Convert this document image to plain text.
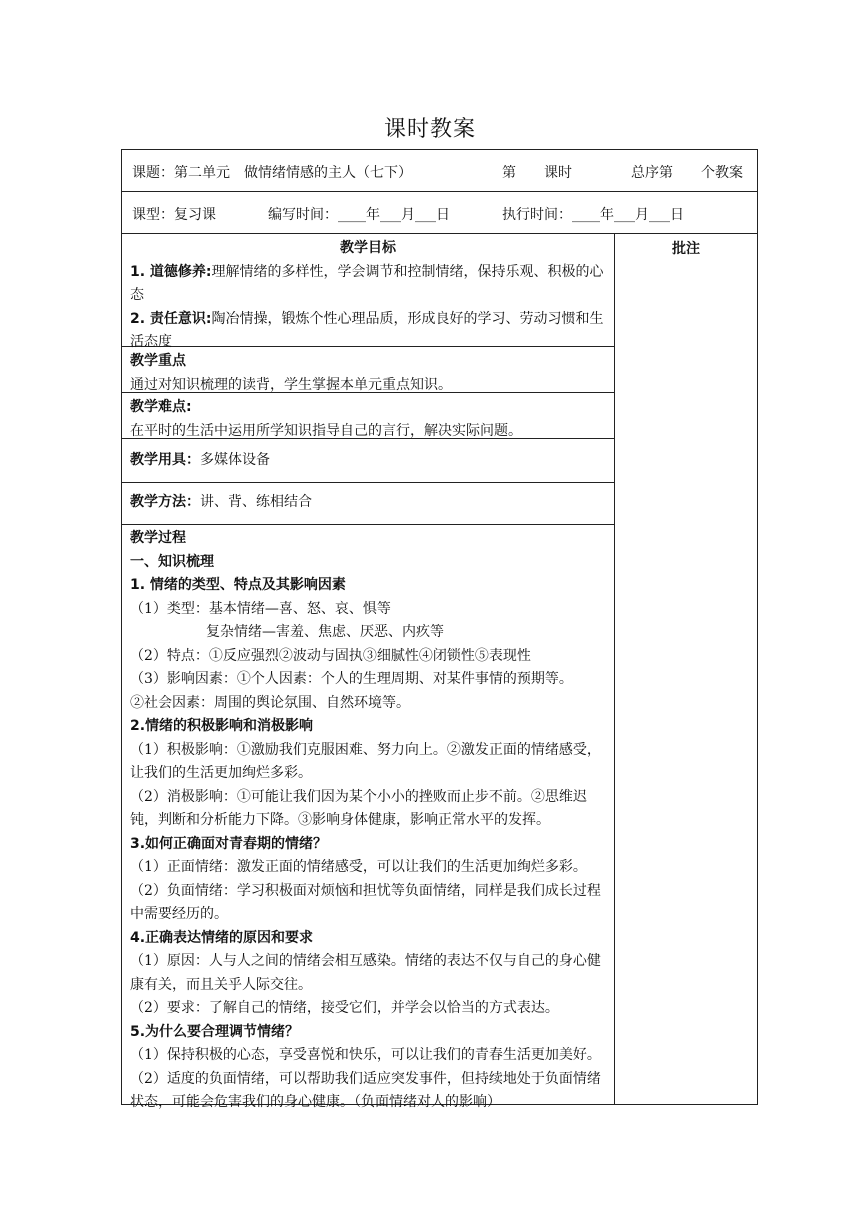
课时教案
课题：第二单元　做情绪情感的主人（七下）	第　　课时	总序第　　个教案
课型：复习课	编写时间：____年___月___日	执行时间：____年___月___日
教学目标
1. 道德修养:理解情绪的多样性，学会调节和控制情绪，保持乐观、积极的心态
2. 责任意识:陶冶情操，锻炼个性心理品质，形成良好的学习、劳动习惯和生活态度
教学重点
通过对知识梳理的读背，学生掌握本单元重点知识。
教学难点:
在平时的生活中运用所学知识指导自己的言行，解决实际问题。
教学用具：多媒体设备
教学方法：讲、背、练相结合
教学过程
一、知识梳理
1. 情绪的类型、特点及其影响因素
（1）类型：基本情绪—喜、怒、哀、惧等
复杂情绪—害羞、焦虑、厌恶、内疚等
（2）特点：①反应强烈②波动与固执③细腻性④闭锁性⑤表现性
（3）影响因素：①个人因素：个人的生理周期、对某件事情的预期等。
②社会因素：周围的舆论氛围、自然环境等。
2.情绪的积极影响和消极影响
（1）积极影响：①激励我们克服困难、努力向上。②激发正面的情绪感受，让我们的生活更加绚烂多彩。
（2）消极影响：①可能让我们因为某个小小的挫败而止步不前。②思维迟钝，判断和分析能力下降。③影响身体健康，影响正常水平的发挥。
3.如何正确面对青春期的情绪？
（1）正面情绪：激发正面的情绪感受，可以让我们的生活更加绚烂多彩。
（2）负面情绪：学习积极面对烦恼和担忧等负面情绪，同样是我们成长过程中需要经历的。
4.正确表达情绪的原因和要求
（1）原因：人与人之间的情绪会相互感染。情绪的表达不仅与自己的身心健康有关，而且关乎人际交往。
（2）要求：了解自己的情绪，接受它们，并学会以恰当的方式表达。
5.为什么要合理调节情绪？
（1）保持积极的心态，享受喜悦和快乐，可以让我们的青春生活更加美好。
（2）适度的负面情绪，可以帮助我们适应突发事件，但持续地处于负面情绪状态，可能会危害我们的身心健康。（负面情绪对人的影响）
批注
